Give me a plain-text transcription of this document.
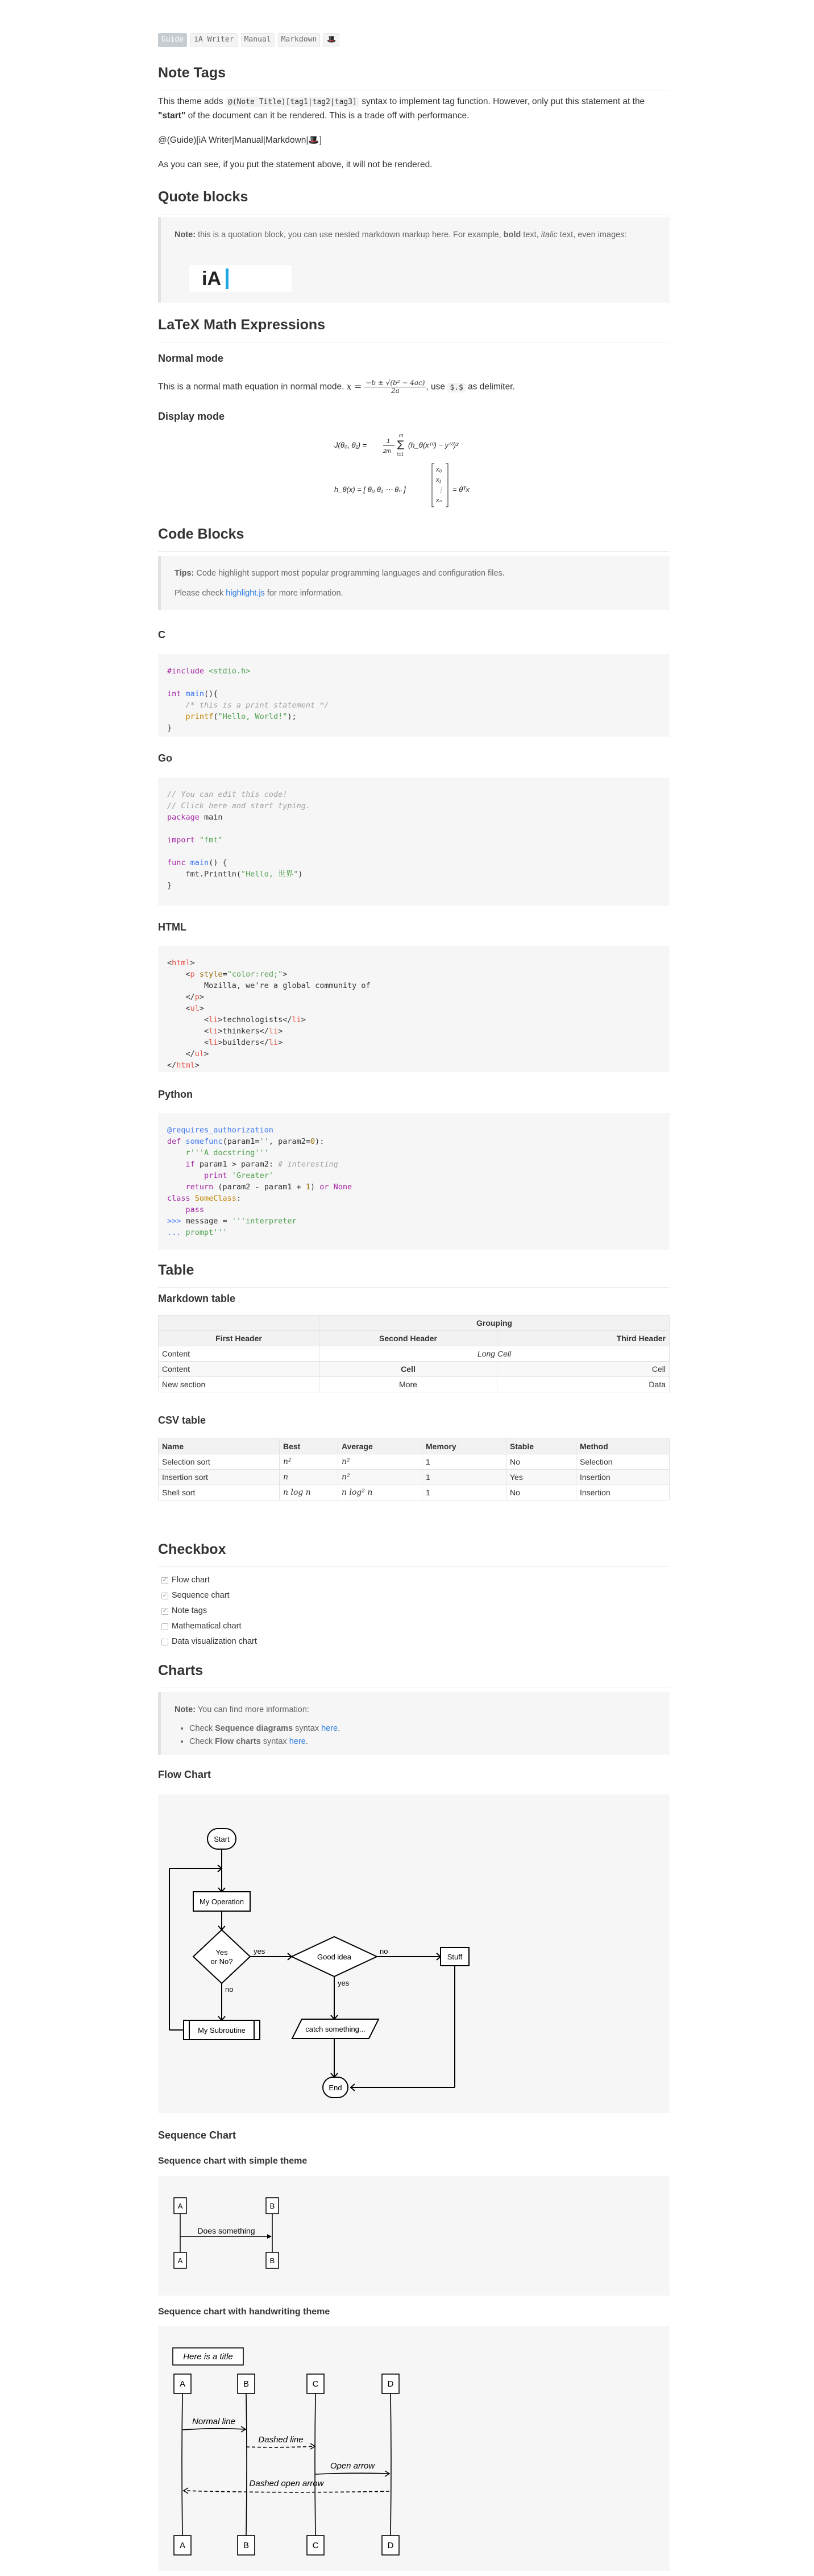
Guide	iA Writer	Manual	Markdown	🎩
Note Tags

This theme adds @(Note Title)[tag1|tag2|tag3] syntax to implement tag function. However, only put this statement at the "start" of the document can it be rendered. This is a trade off with performance.

@(Guide)[iA Writer|Manual|Markdown|🎩]

As you can see, if you put the statement above, it will not be rendered.

Quote blocks
Note: this is a quotation block, you can use nested markdown markup here. For example, bold text, italic text, even images:
iA
LaTeX Math Expressions
Normal mode

This is a normal math equation in normal mode. $x = \frac{\text{−b ± √(b² − 4ac)}}{2a}$, use $.$ as delimiter.

Display mode
J(θ₀, θ₁) =	1
2m Σ
m
i=1
(h_θ(x⁽ⁱ⁾) − y⁽ⁱ⁾)²
h_θ(x) = [ θ₀ θ₁ ⋯ θₙ ]
x₀
x₁
⋮
xₙ
= θᵀx
Code Blocks
Tips: Code highlight support most popular programming languages and configuration files.
Please check highlight.js for more information.
C
#include <stdio.h>

int main(){
/* this is a print statement */
printf("Hello, World!");
}
Go
// You can edit this code!
// Click here and start typing.
package main

import "fmt"

func main() {
fmt.Println("Hello, 世界")
}
HTML
<html>
<p style="color:red;">
Mozilla, we're a global community of
</p>
<ul>
<li>technologists</li>
<li>thinkers</li>
<li>builders</li>
</ul>
</html>
Python
@requires_authorization
def somefunc(param1='', param2=0):
r'''A docstring'''
if param1 > param2: # interesting
print 'Greater'
return (param2 - param1 + 1) or None
class SomeClass:
pass
>>> message = '''interpreter
... prompt'''
Table
Markdown table
	Grouping	
First Header	Second Header	Third Header
Content	Long Cell	
Content	Cell	Cell
New section	More	Data
CSV table
Name	Best	Average	Memory	Stable	Method
Selection sort	n²	n²	1	No	Selection
Insertion sort	n	n²	1	Yes	Insertion
Shell sort	n log n	n log² n	1	No	Insertion
Checkbox
✓ Flow chart
✓ Sequence chart
✓ Note tags
Mathematical chart
Data visualization chart
Charts
Note: You can find more information:
• Check Sequence diagrams syntax here.
• Check Flow charts syntax here.
Flow Chart
Start
My Operation
Yes
or No?
yes
no
Good idea
no
yes
Stuff
My Subroutine	catch something...
End
Sequence Chart
Sequence chart with simple theme
A	B
A	B
Does something
Sequence chart with handwriting theme
Here is a title
A	B	C	D
A	B	C	D
Normal line
Dashed line
Open arrow
Dashed open arrow
